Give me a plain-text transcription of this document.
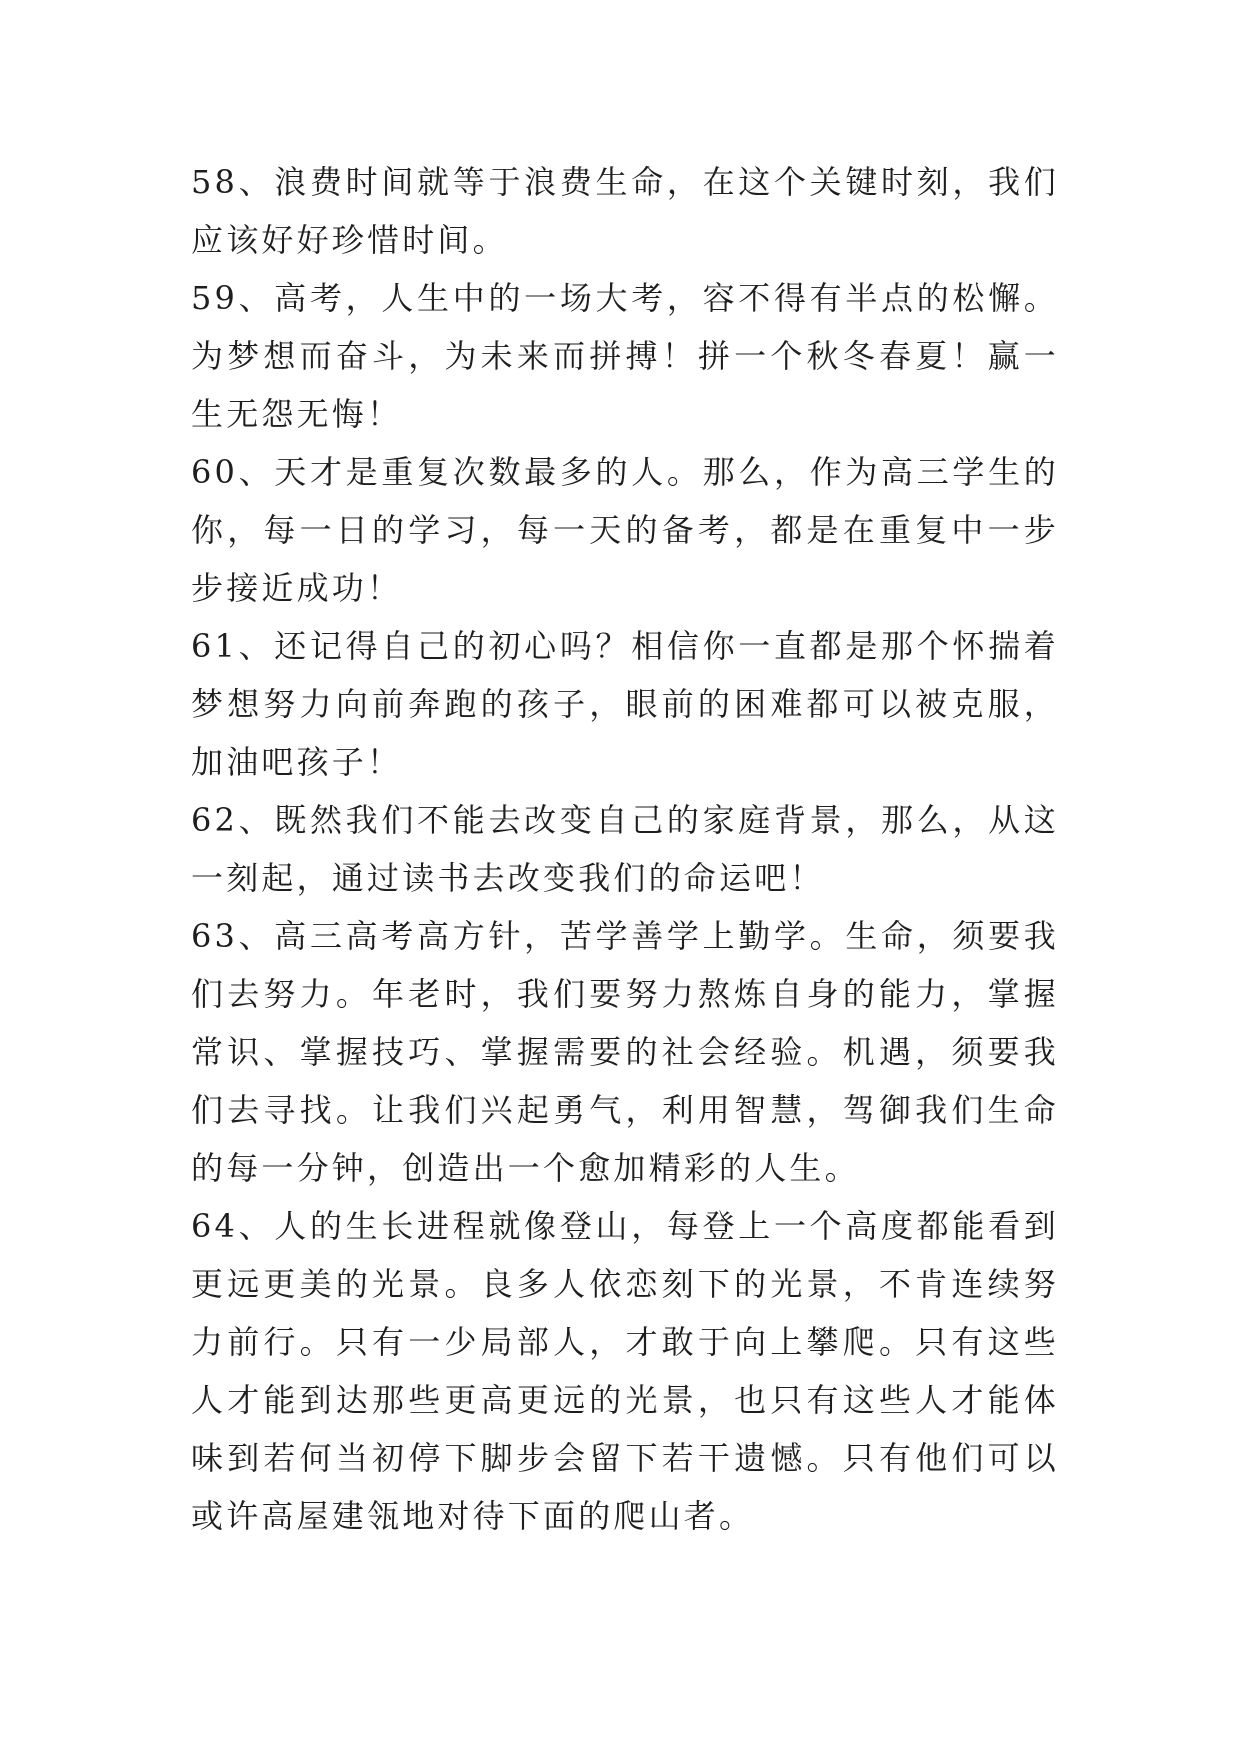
58、浪费时间就等于浪费生命，在这个关键时刻，我们应该好好珍惜时间。

59、高考，人生中的一场大考，容不得有半点的松懈。为梦想而奋斗，为未来而拼搏！拼一个秋冬春夏！赢一生无怨无悔！

60、天才是重复次数最多的人。那么，作为高三学生的你，每一日的学习，每一天的备考，都是在重复中一步步接近成功！

61、还记得自己的初心吗？相信你一直都是那个怀揣着梦想努力向前奔跑的孩子，眼前的困难都可以被克服，加油吧孩子！

62、既然我们不能去改变自己的家庭背景，那么，从这一刻起，通过读书去改变我们的命运吧！

63、高三高考高方针，苦学善学上勤学。生命，须要我们去努力。年老时，我们要努力熬炼自身的能力，掌握常识、掌握技巧、掌握需要的社会经验。机遇，须要我们去寻找。让我们兴起勇气，利用智慧，驾御我们生命的每一分钟，创造出一个愈加精彩的人生。

64、人的生长进程就像登山，每登上一个高度都能看到更远更美的光景。良多人依恋刻下的光景，不肯连续努力前行。只有一少局部人，才敢于向上攀爬。只有这些人才能到达那些更高更远的光景，也只有这些人才能体味到若何当初停下脚步会留下若干遗憾。只有他们可以或许高屋建瓴地对待下面的爬山者。
